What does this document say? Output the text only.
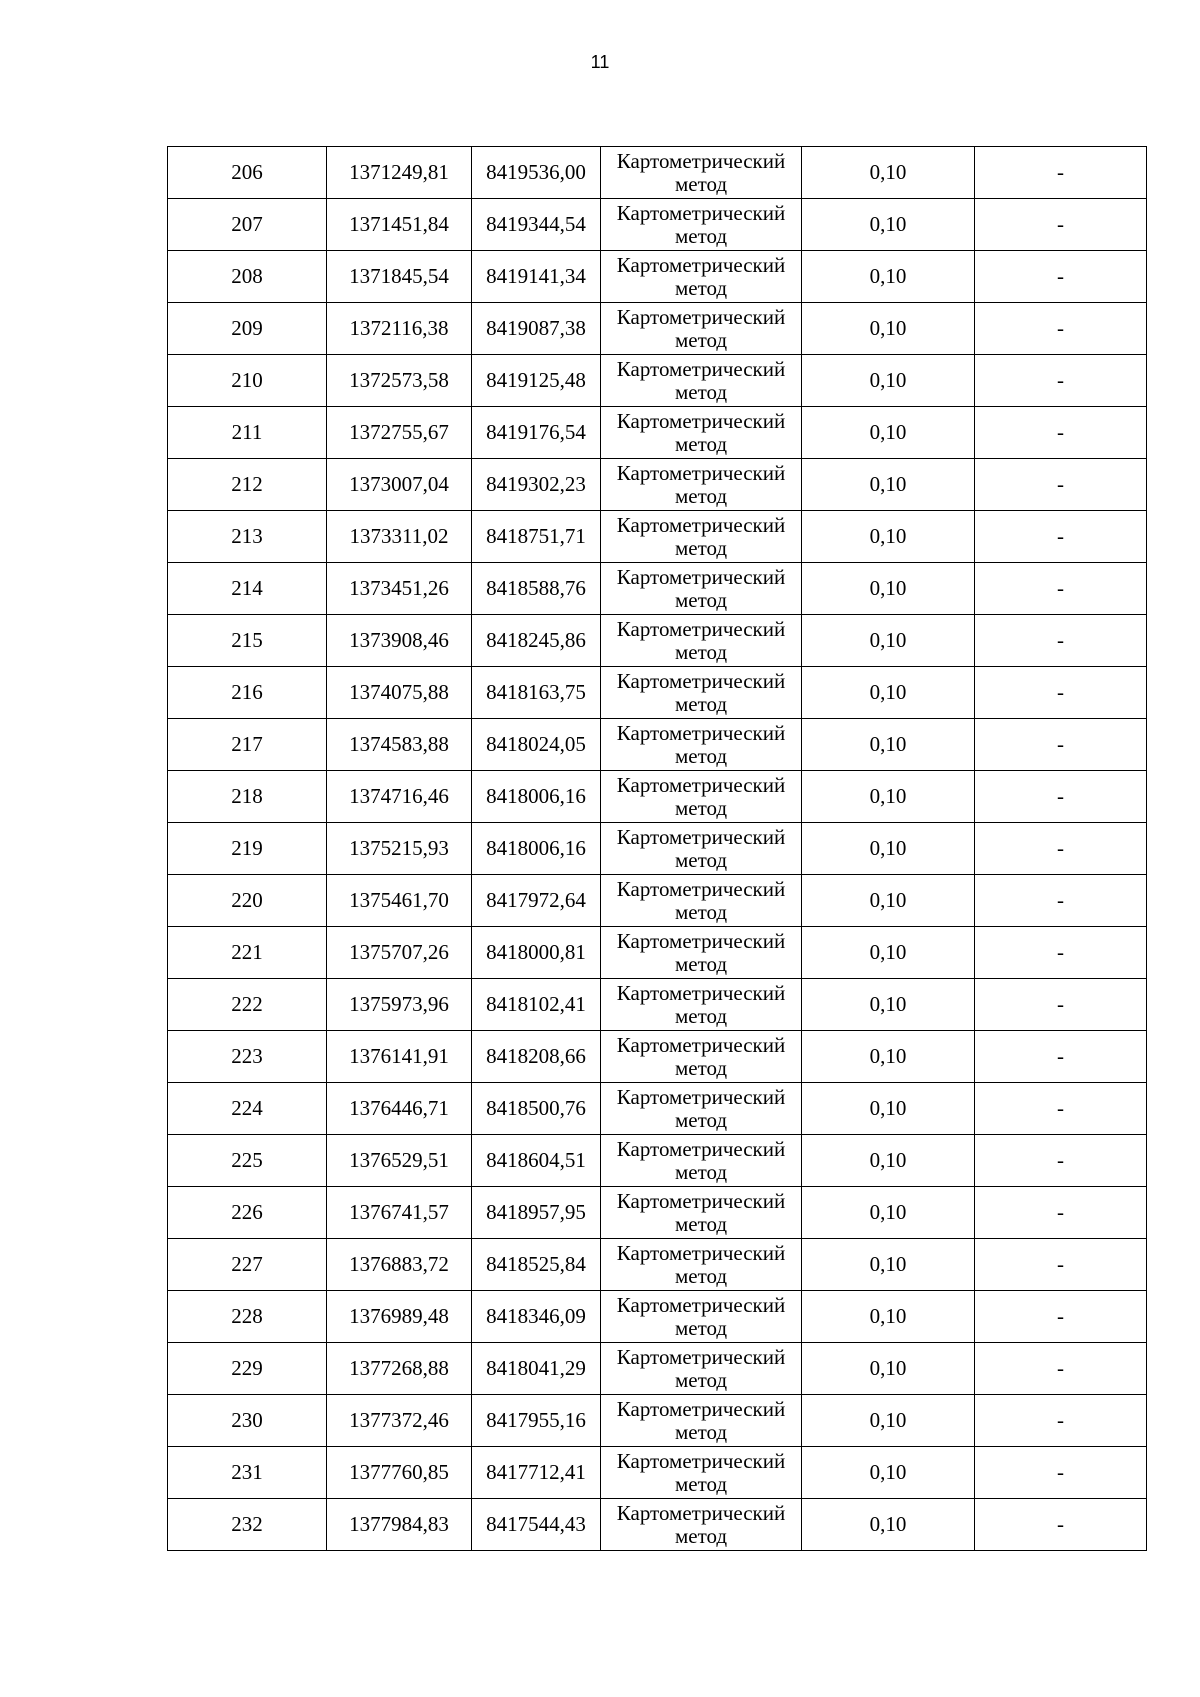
11
206	1371249,81	8419536,00	Картометрический
метод	0,10	-
207	1371451,84	8419344,54	Картометрический
метод	0,10	-
208	1371845,54	8419141,34	Картометрический
метод	0,10	-
209	1372116,38	8419087,38	Картометрический
метод	0,10	-
210	1372573,58	8419125,48	Картометрический
метод	0,10	-
211	1372755,67	8419176,54	Картометрический
метод	0,10	-
212	1373007,04	8419302,23	Картометрический
метод	0,10	-
213	1373311,02	8418751,71	Картометрический
метод	0,10	-
214	1373451,26	8418588,76	Картометрический
метод	0,10	-
215	1373908,46	8418245,86	Картометрический
метод	0,10	-
216	1374075,88	8418163,75	Картометрический
метод	0,10	-
217	1374583,88	8418024,05	Картометрический
метод	0,10	-
218	1374716,46	8418006,16	Картометрический
метод	0,10	-
219	1375215,93	8418006,16	Картометрический
метод	0,10	-
220	1375461,70	8417972,64	Картометрический
метод	0,10	-
221	1375707,26	8418000,81	Картометрический
метод	0,10	-
222	1375973,96	8418102,41	Картометрический
метод	0,10	-
223	1376141,91	8418208,66	Картометрический
метод	0,10	-
224	1376446,71	8418500,76	Картометрический
метод	0,10	-
225	1376529,51	8418604,51	Картометрический
метод	0,10	-
226	1376741,57	8418957,95	Картометрический
метод	0,10	-
227	1376883,72	8418525,84	Картометрический
метод	0,10	-
228	1376989,48	8418346,09	Картометрический
метод	0,10	-
229	1377268,88	8418041,29	Картометрический
метод	0,10	-
230	1377372,46	8417955,16	Картометрический
метод	0,10	-
231	1377760,85	8417712,41	Картометрический
метод	0,10	-
232	1377984,83	8417544,43	Картометрический
метод	0,10	-
